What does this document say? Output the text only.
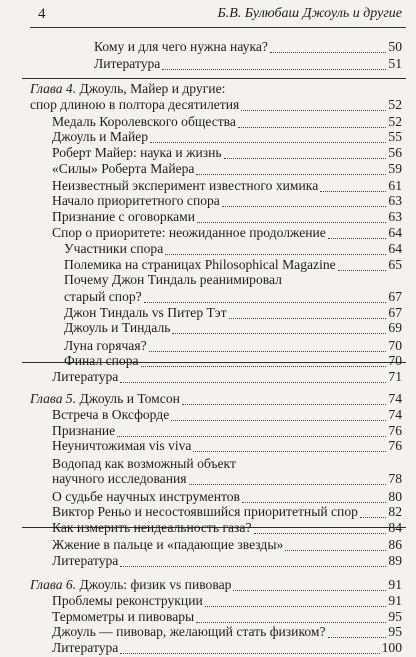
4	Б.В. Булюбаш Джоуль и другие
Кому и для чего нужна наука?	50
Литература	51
Глава 4. Джоуль, Майер и другие:
спор длиною в полтора десятилетия	52
Медаль Королевского общества	52
Джоуль и Майер	55
Роберт Майер: наука и жизнь	56
«Силы» Роберта Майера	59
Неизвестный эксперимент известного химика	61
Начало приоритетного спора	63
Признание с оговорками	63
Спор о приоритете: неожиданное продолжение	64
Участники спора	64
Полемика на страницах Philosophical Magazine	65
Почему Джон Тиндаль реанимировал
старый спор?	67
Джон Тиндаль vs Питер Тэт	67
Джоуль и Тиндаль	69
Луна горячая?	70
Финал спора	70
Литература	71
Глава 5. Джоуль и Томсон	74
Встреча в Оксфорде	74
Признание	76
Неуничтожимая vis viva	76
Водопад как возможный объект
научного исследования	78
О судьбе научных инструментов	80
Виктор Реньо и несостоявшийся приоритетный спор 82
Как измерить неидеальность газа?	84
Жжение в пальце и «падающие звезды»	86
Литература	89
Глава 6. Джоуль: физик vs пивовар	91
Проблемы реконструкции	91
Термометры и пивовары	95
Джоуль — пивовар, желающий стать физиком?	95
Литература	100
